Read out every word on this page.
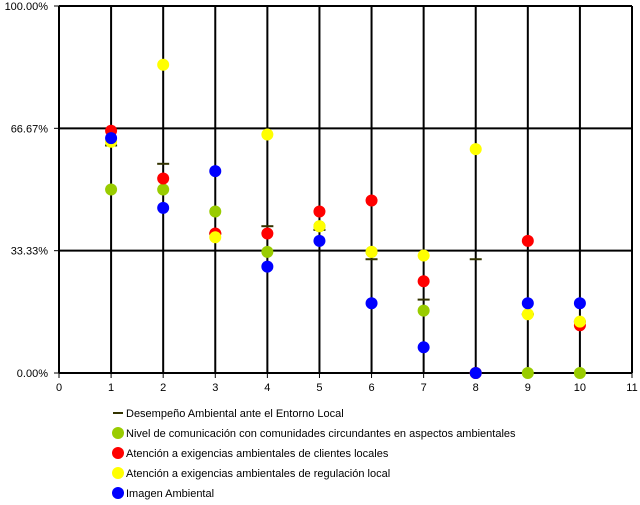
0	1	2	3	4	5	6	7	8	9	10	11
0.00%
33.33%
66.67%
100.00%
Desempeño Ambiental ante el Entorno Local
Nivel de comunicación con comunidades circundantes en aspectos ambientales
Atención a exigencias ambientales de clientes locales
Atención a exigencias ambientales de regulación local
Imagen Ambiental
